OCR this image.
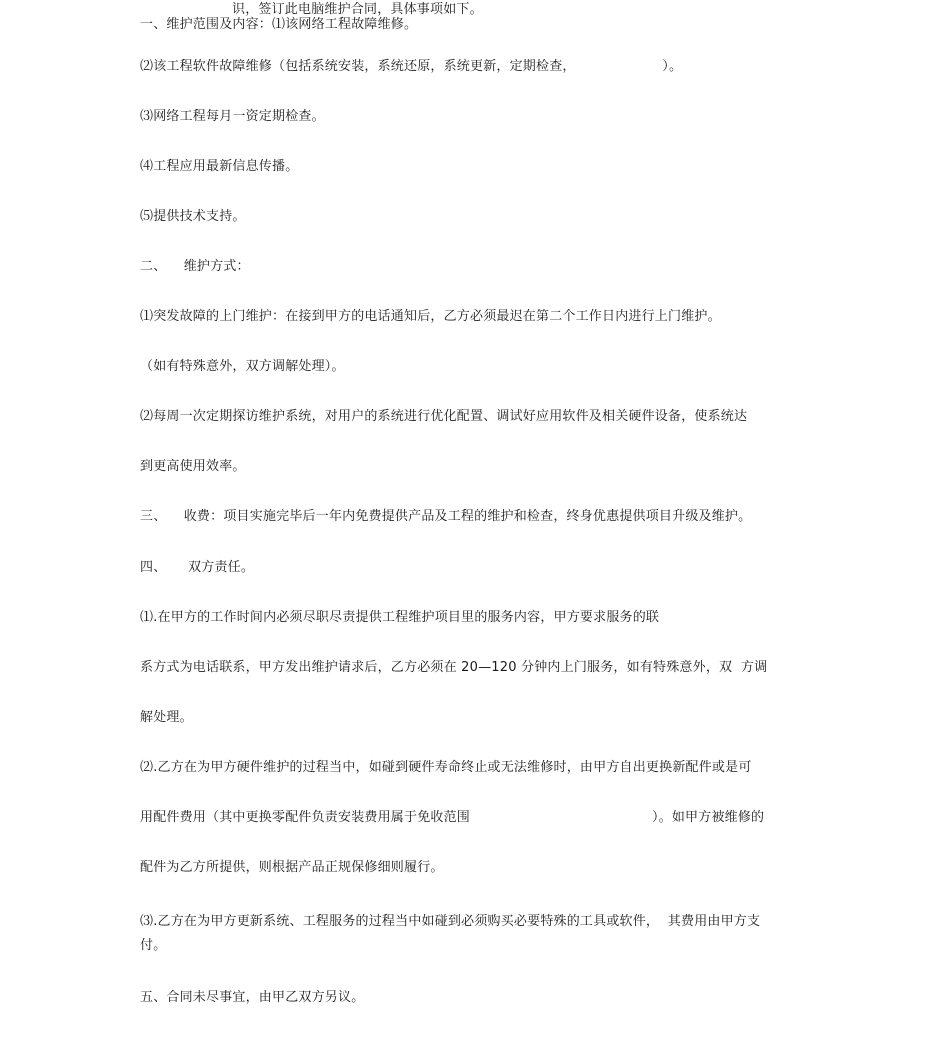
识，签订此电脑维护合同，具体事项如下。
一、维护范围及内容：⑴该网络工程故障维修。
⑵该工程软件故障维修（包括系统安装，系统还原，系统更新，定期检查，                    ）。
⑶网络工程每月一资定期检查。
⑷工程应用最新信息传播。
⑸提供技术支持。
二、    维护方式：
⑴突发故障的上门维护：在接到甲方的电话通知后，乙方必须最迟在第二个工作日内进行上门维护。
（如有特殊意外，双方调解处理）。
⑵每周一次定期探访维护系统，对用户的系统进行优化配置、调试好应用软件及相关硬件设备，使系统达
到更高使用效率。
三、    收费：项目实施完毕后一年内免费提供产品及工程的维护和检查，终身优惠提供项目升级及维护。
四、     双方责任。
⑴.在甲方的工作时间内必须尽职尽责提供工程维护项目里的服务内容，甲方要求服务的联
系方式为电话联系，甲方发出维护请求后，乙方必须在 20—120 分钟内上门服务，如有特殊意外，双  方调
解处理。
⑵.乙方在为甲方硬件维护的过程当中，如碰到硬件寿命终止或无法维修时，由甲方自出更换新配件或是可
用配件费用（其中更换零配件负责安装费用属于免收范围                                          ）。如甲方被维修的
配件为乙方所提供，则根据产品正规保修细则履行。
⑶.乙方在为甲方更新系统、工程服务的过程当中如碰到必须购买必要特殊的工具或软件，  其费用由甲方支
付。
五、合同未尽事宜，由甲乙双方另议。
